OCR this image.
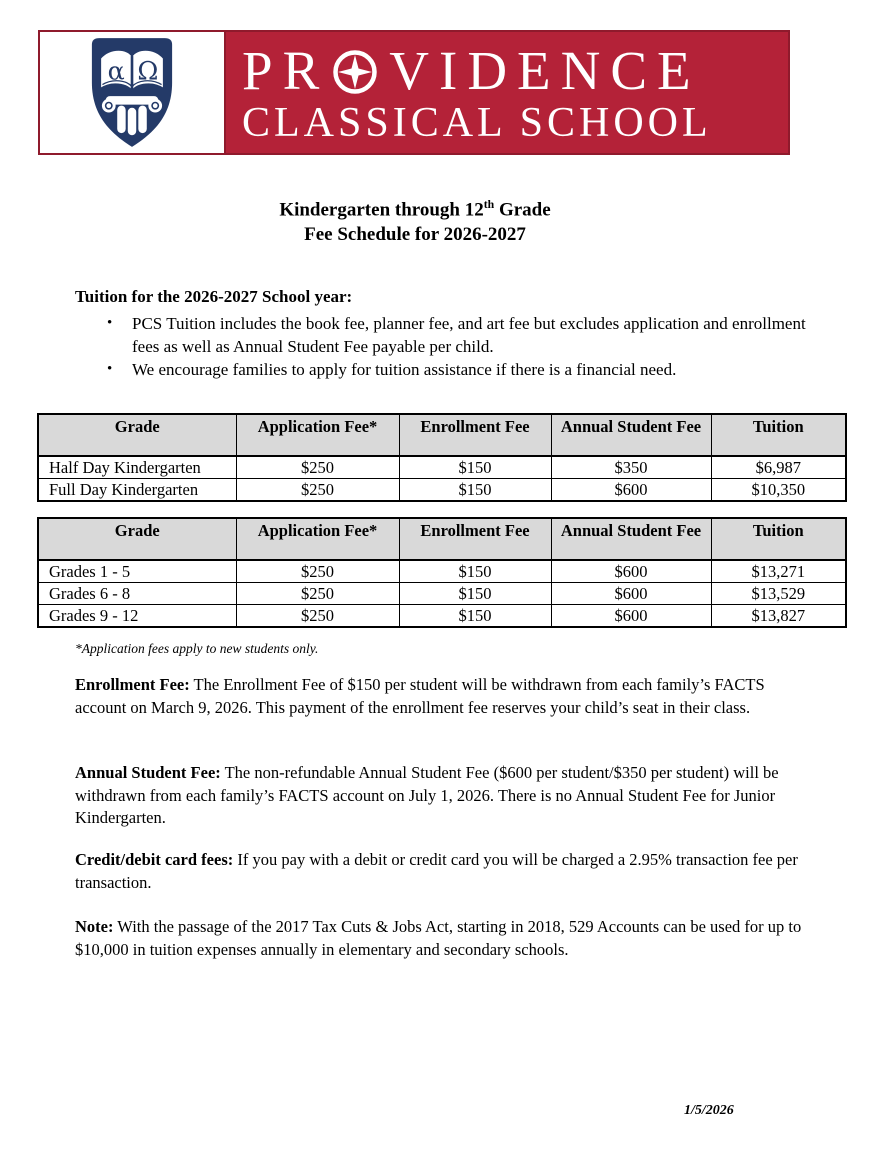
α Ω PR VIDENCE
CLASSICAL SCHOOL
Kindergarten through 12th Grade
Fee Schedule for 2026-2027
Tuition for the 2026-2027 School year:
•	PCS Tuition includes the book fee, planner fee, and art fee but excludes application and enrollment fees as well as Annual Student Fee payable per child.
•	We encourage families to apply for tuition assistance if there is a financial need.
Grade	Application Fee*	Enrollment Fee	Annual Student Fee	Tuition
Half Day Kindergarten	$250	$150	$350	$6,987
Full Day Kindergarten	$250	$150	$600	$10,350
Grade	Application Fee*	Enrollment Fee	Annual Student Fee	Tuition
Grades 1 - 5	$250	$150	$600	$13,271
Grades 6 - 8	$250	$150	$600	$13,529
Grades 9 - 12	$250	$150	$600	$13,827
*Application fees apply to new students only.
Enrollment Fee: The Enrollment Fee of $150 per student will be withdrawn from each family’s FACTS account on March 9, 2026. This payment of the enrollment fee reserves your child’s seat in their class.
Annual Student Fee: The non-refundable Annual Student Fee ($600 per student/$350 per student) will be withdrawn from each family’s FACTS account on July 1, 2026. There is no Annual Student Fee for Junior Kindergarten.
Credit/debit card fees: If you pay with a debit or credit card you will be charged a 2.95% transaction fee per transaction.
Note: With the passage of the 2017 Tax Cuts & Jobs Act, starting in 2018, 529 Accounts can be used for up to $10,000 in tuition expenses annually in elementary and secondary schools.
1/5/2026
